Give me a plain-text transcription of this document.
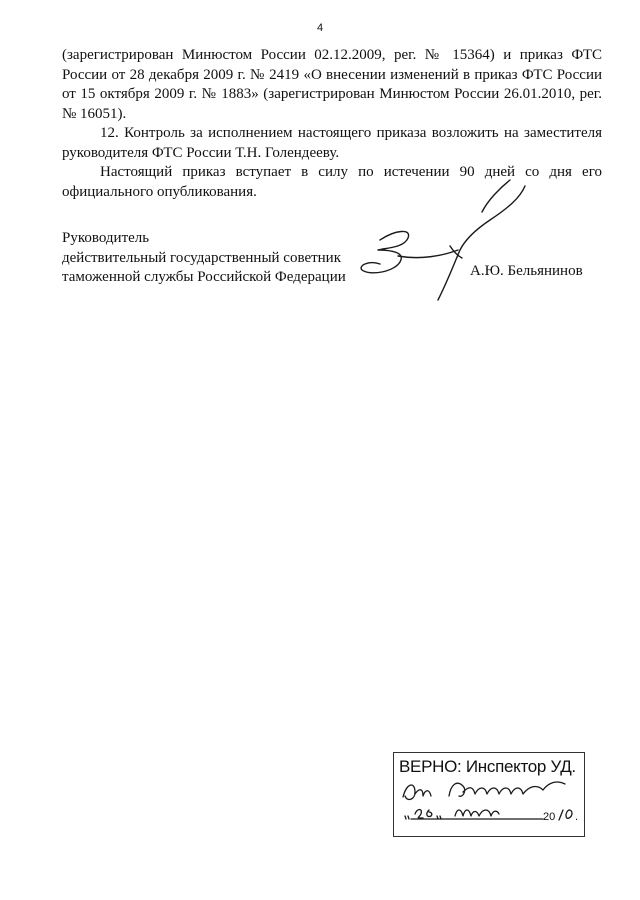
4

(зарегистрирован Минюстом России 02.12.2009, рег. № 15364) и приказ ФТС России от 28 декабря 2009 г. № 2419 «О внесении изменений в приказ ФТС России от 15 октября 2009 г. № 1883» (зарегистрирован Минюстом России 26.01.2010, рег. № 16051).

12. Контроль за исполнением настоящего приказа возложить на заместителя руководителя ФТС России Т.Н. Голендееву.

Настоящий приказ вступает в силу по истечении 90 дней со дня его официального опубликования.

Руководитель
действительный государственный советник
таможенной службы Российской Федерации	А.Ю. Бельянинов
ВЕРНО: Инспектор УД.
20 .
